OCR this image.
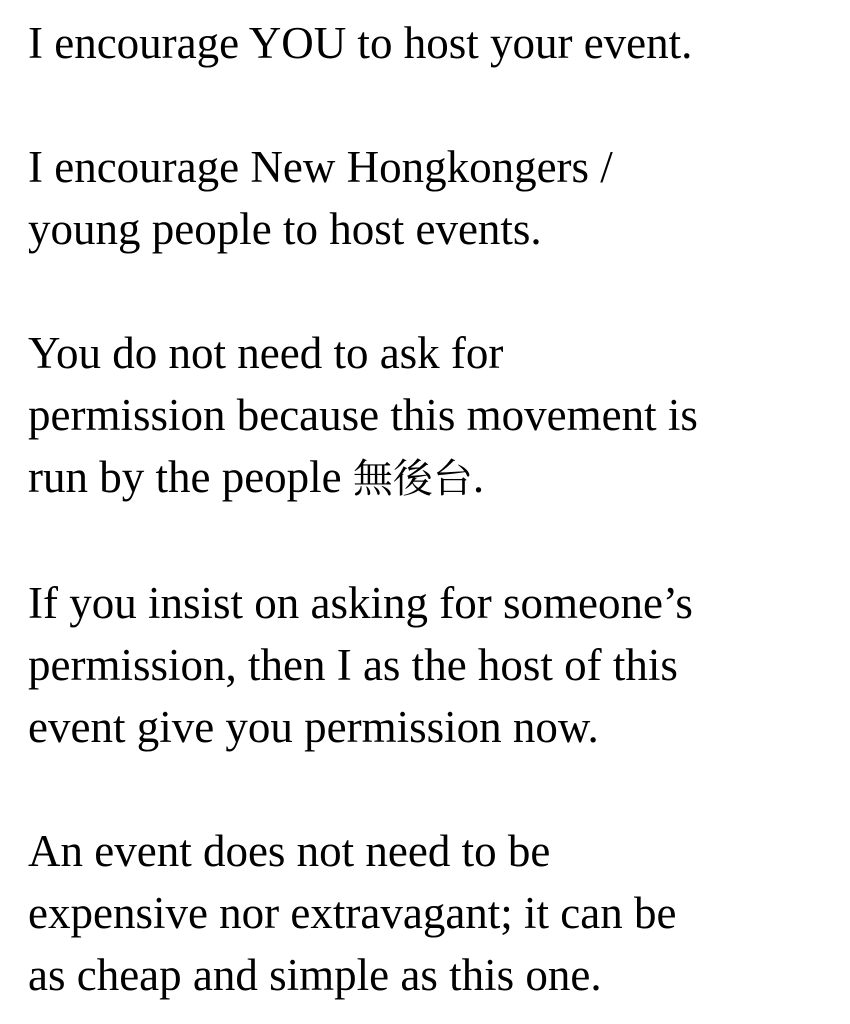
I encourage YOU to host your event.

I encourage New Hongkongers /
young people to host events.

You do not need to ask for
permission because this movement is
run by the people 無後台.

If you insist on asking for someone’s
permission, then I as the host of this
event give you permission now.

An event does not need to be
expensive nor extravagant; it can be
as cheap and simple as this one.
